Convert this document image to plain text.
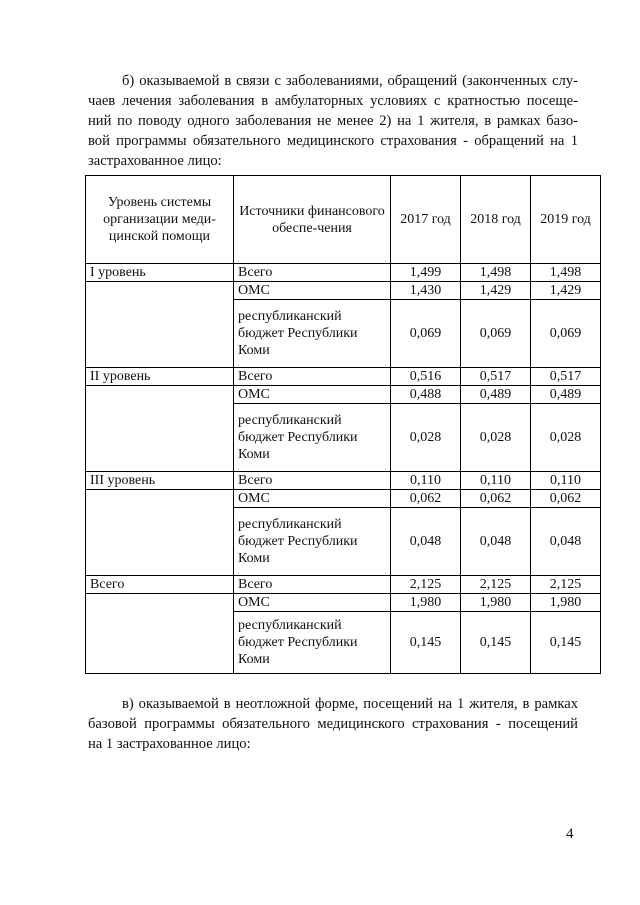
б) оказываемой в связи с заболеваниями, обращений (законченных слу-
чаев лечения заболевания в амбулаторных условиях с кратностью посеще-
ний по поводу одного заболевания не менее 2) на 1 жителя, в рамках базо-
вой программы обязательного медицинского страхования - обращений на 1
застрахованное лицо:
Уровень системы организации меди-цинской помощи	Источники финансового обеспе-чения	2017 год	2018 год	2019 год
I уровень	Всего	1,499	1,498	1,498
	ОМС	1,430	1,429	1,429
	республиканский бюджет Республики Коми	0,069	0,069	0,069
II уровень	Всего	0,516	0,517	0,517
	ОМС	0,488	0,489	0,489
	республиканский бюджет Республики Коми	0,028	0,028	0,028
III уровень	Всего	0,110	0,110	0,110
	ОМС	0,062	0,062	0,062
	республиканский бюджет Республики Коми	0,048	0,048	0,048
Всего	Всего	2,125	2,125	2,125
	ОМС	1,980	1,980	1,980
	республиканский бюджет Республики Коми	0,145	0,145	0,145
в) оказываемой в неотложной форме, посещений на 1 жителя, в рамках
базовой программы обязательного медицинского страхования - посещений
на 1 застрахованное лицо:
4
